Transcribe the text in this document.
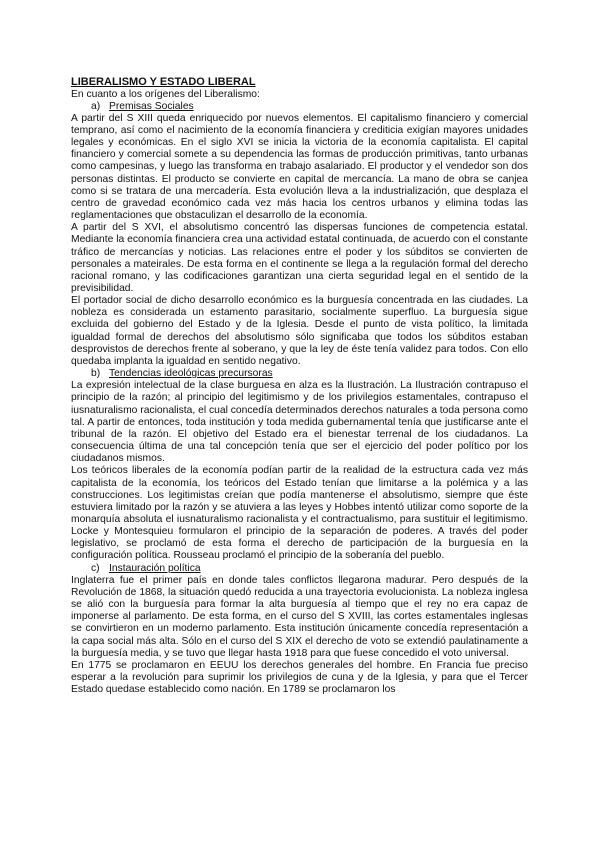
LIBERALISMO Y ESTADO LIBERAL
En cuanto a los orígenes del Liberalismo:
a) Premisas Sociales

A partir del S XIII queda enriquecido por nuevos elementos. El capitalismo financiero y comercial temprano, así como el nacimiento de la economía financiera y crediticia exigían mayores unidades legales y económicas. En el siglo XVI se inicia la victoria de la economía capitalista. El capital financiero y comercial somete a su dependencia las formas de producción primitivas, tanto urbanas como campesinas, y luego las transforma en trabajo asalariado. El productor y el vendedor son dos personas distintas. El producto se convierte en capital de mercancía. La mano de obra se canjea como si se tratara de una mercadería. Esta evolución lleva a la industrialización, que desplaza el centro de gravedad económico cada vez más hacia los centros urbanos y elimina todas las reglamentaciones que obstaculizan el desarrollo de la economía.

A partir del S XVI, el absolutismo concentró las dispersas funciones de competencia estatal. Mediante la economía financiera crea una actividad estatal continuada, de acuerdo con el constante tráfico de mercancías y noticias. Las relaciones entre el poder y los súbditos se convierten de personales a mateirales. De esta forma en el continente se llega a la regulación formal del derecho racional romano, y las codificaciones garantizan una cierta seguridad legal en el sentido de la previsibilidad.

El portador social de dicho desarrollo económico es la burguesía concentrada en las ciudades. La nobleza es considerada un estamento parasitario, socialmente superfluo. La burguesía sigue excluida del gobierno del Estado y de la Iglesia. Desde el punto de vista político, la limitada igualdad formal de derechos del absolutismo sólo significaba que todos los súbditos estaban desprovistos de derechos frente al soberano, y que la ley de éste tenía validez para todos. Con ello quedaba implanta la igualdad en sentido negativo.

b) Tendencias ideológicas precursoras

La expresión intelectual de la clase burguesa en alza es la Ilustración. La Ilustración contrapuso el principio de la razón; al principio del legitimismo y de los privilegios estamentales, contrapuso el iusnaturalismo racionalista, el cual concedía determinados derechos naturales a toda persona como tal. A partir de entonces, toda institución y toda medida gubernamental tenía que justificarse ante el tribunal de la razón. El objetivo del Estado era el bienestar terrenal de los ciudadanos. La consecuencia última de una tal concepción tenía que ser el ejercicio del poder político por los ciudadanos mismos.

Los teóricos liberales de la economía podían partir de la realidad de la estructura cada vez más capitalista de la economía, los teóricos del Estado tenían que limitarse a la polémica y a las construcciones. Los legitimistas creían que podía mantenerse el absolutismo, siempre que éste estuviera limitado por la razón y se atuviera a las leyes y Hobbes intentó utilizar como soporte de la monarquía absoluta el iusnaturalismo racionalista y el contractualismo, para sustituir el legitimismo. Locke y Montesquieu formularon el principio de la separación de poderes. A través del poder legislativo, se proclamó de esta forma el derecho de participación de la burguesía en la configuración política. Rousseau proclamó el principio de la soberanía del pueblo.

c) Instauración política

Inglaterra fue el primer país en donde tales conflictos llegarona madurar. Pero después de la Revolución de 1868, la situación quedó reducida a una trayectoria evolucionista. La nobleza inglesa se alió con la burguesía para formar la alta burguesía al tiempo que el rey no era capaz de imponerse al parlamento. De esta forma, en el curso del S XVIII, las cortes estamentales inglesas se convirtieron en un moderno parlamento. Esta institución únicamente concedía representación a la capa social más alta. Sólo en el curso del S XIX el derecho de voto se extendió paulatinamente a la burguesía media, y se tuvo que llegar hasta 1918 para que fuese concedido el voto universal.

En 1775 se proclamaron en EEUU los derechos generales del hombre. En Francia fue preciso esperar a la revolución para suprimir los privilegios de cuna y de la Iglesia, y para que el Tercer Estado quedase establecido como nación. En 1789 se proclamaron los
